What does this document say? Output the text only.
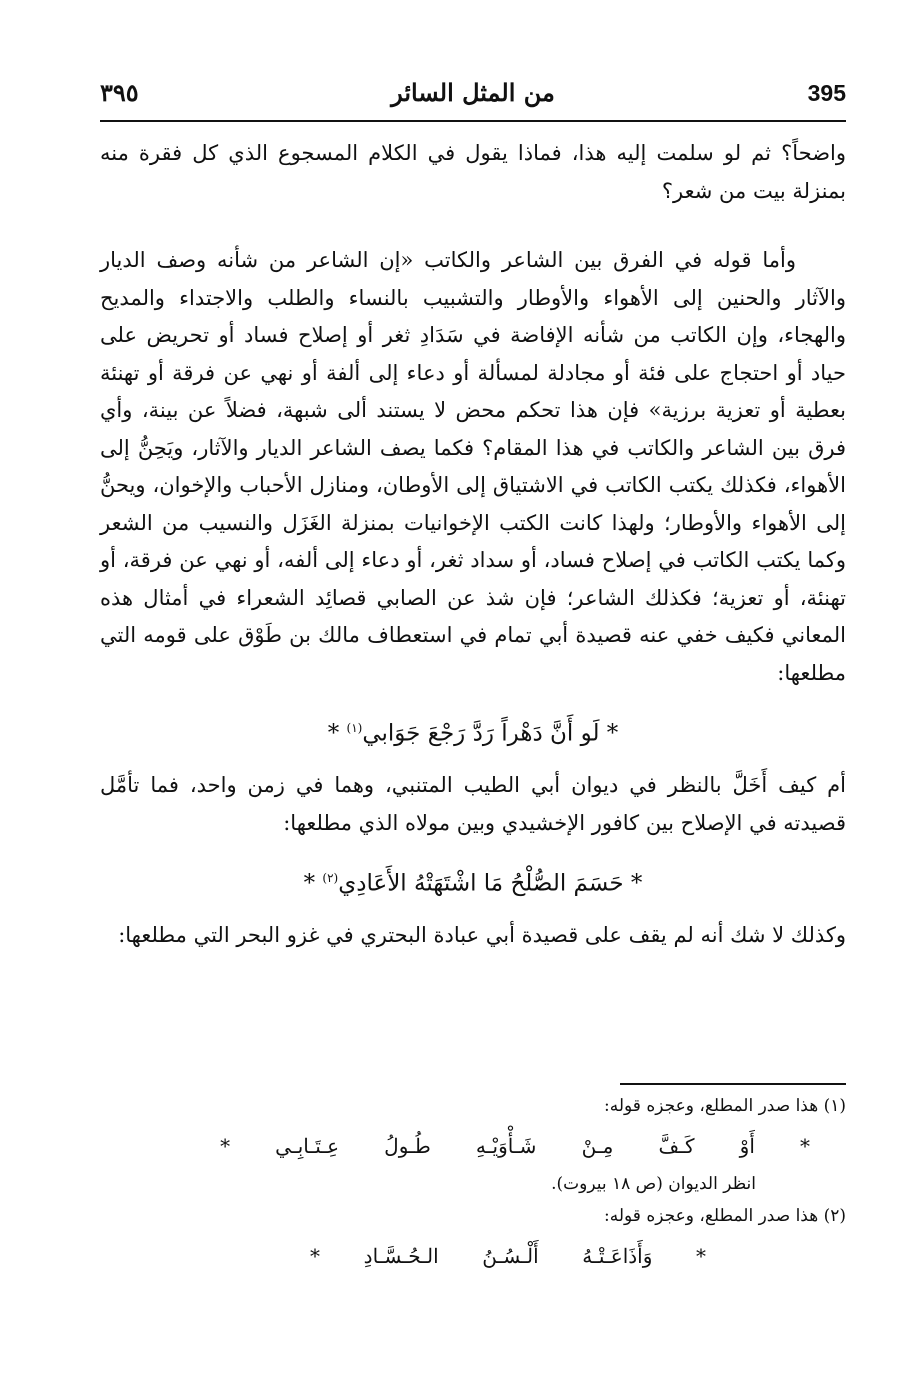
395
من المثل السائر
٣٩٥

واضحاً؟ ثم لو سلمت إليه هذا، فماذا يقول في الكلام المسجوع الذي كل فقرة منه بمنزلة بيت من شعر؟

وأما قوله في الفرق بين الشاعر والكاتب «إن الشاعر من شأنه وصف الديار والآثار والحنين إلى الأهواء والأوطار والتشبيب بالنساء والطلب والاجتداء والمديح والهجاء، وإن الكاتب من شأنه الإفاضة في سَدَادِ ثغر أو إصلاح فساد أو تحريض على حياد أو احتجاج على فئة أو مجادلة لمسألة أو دعاء إلى ألفة أو نهي عن فرقة أو تهنئة بعطية أو تعزية برزية» فإن هذا تحكم محض لا يستند ألى شبهة، فضلاً عن بينة، وأي فرق بين الشاعر والكاتب في هذا المقام؟ فكما يصف الشاعر الديار والآثار، ويَحِنُّ إلى الأهواء، فكذلك يكتب الكاتب في الاشتياق إلى الأوطان، ومنازل الأحباب والإخوان، ويحنُّ إلى الأهواء والأوطار؛ ولهذا كانت الكتب الإخوانيات بمنزلة الغَزَل والنسيب من الشعر وكما يكتب الكاتب في إصلاح فساد، أو سداد ثغر، أو دعاء إلى ألفه، أو نهي عن فرقة، أو تهنئة، أو تعزية؛ فكذلك الشاعر؛ فإن شذ عن الصابي قصائِد الشعراء في أمثال هذه المعاني فكيف خفي عنه قصيدة أبي تمام في استعطاف مالك بن طَوْق على قومه التي مطلعها:

* لَو أَنَّ دَهْراً رَدَّ رَجْعَ جَوَابي$^{(١)}$ *

أم كيف أَخَلَّ بالنظر في ديوان أبي الطيب المتنبي، وهما في زمن واحد، فما تأمَّل قصيدته في الإصلاح بين كافور الإخشيدي وبين مولاه الذي مطلعها:

* حَسَمَ الصُّلْحُ مَا اشْتَهَتْهُ الأَعَادِي$^{(٢)}$ *

وكذلك لا شك أنه لم يقف على قصيدة أبي عبادة البحتري في غزو البحر التي مطلعها:

(١) هذا صدر المطلع، وعجزه قوله:

*
أَوْ
كَـفَّ
مِـنْ
شَـأْوَيْـهِ
طُـولُ
عِـتَـابِـي
*

انظر الديوان (ص ١٨ بيروت).

(٢) هذا صدر المطلع، وعجزه قوله:

*
وَأَذَاعَـتْـهُ
أَلْـسُـنُ
الـحُـسَّـادِ
*
